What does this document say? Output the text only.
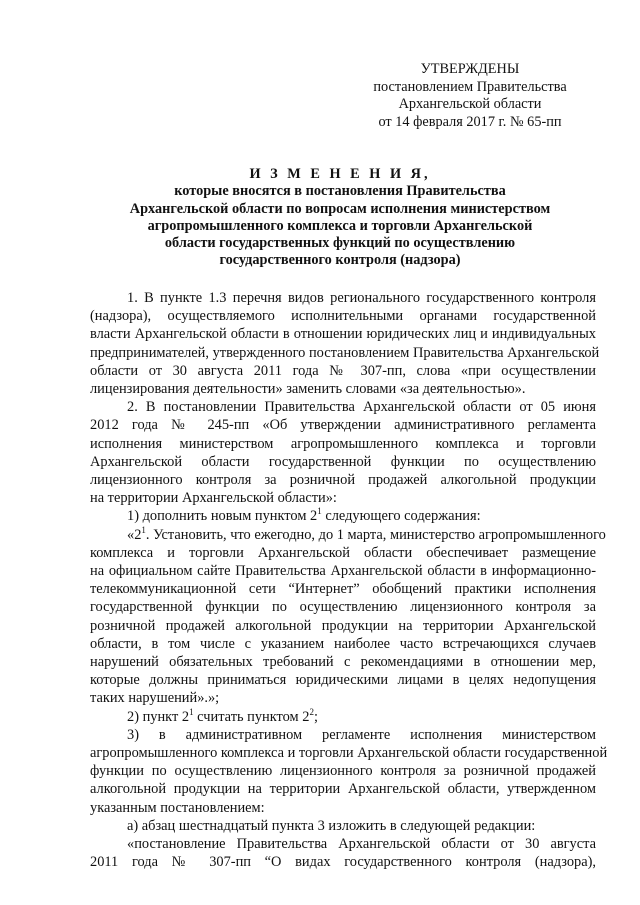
УТВЕРЖДЕНЫ
постановлением Правительства
Архангельской области
от 14 февраля 2017 г. № 65-пп
И З М Е Н Е Н И Я,
которые вносятся в постановления Правительства
Архангельской области по вопросам исполнения министерством
агропромышленного комплекса и торговли Архангельской
области государственных функций по осуществлению
государственного контроля (надзора)
1. В пункте 1.3 перечня видов регионального государственного контроля
(надзора), осуществляемого исполнительными органами государственной
власти Архангельской области в отношении юридических лиц и индивидуальных
предпринимателей, утвержденного постановлением Правительства Архангельской
области от 30 августа 2011 года № 307-пп, слова «при осуществлении
лицензирования деятельности» заменить словами «за деятельностью».
2. В постановлении Правительства Архангельской области от 05 июня
2012 года № 245-пп «Об утверждении административного регламента
исполнения министерством агропромышленного комплекса и торговли
Архангельской области государственной функции по осуществлению
лицензионного контроля за розничной продажей алкогольной продукции
на территории Архангельской области»:
1) дополнить новым пунктом $2^1$ следующего содержания:
«$2^1$. Установить, что ежегодно, до 1 марта, министерство агропромышленного
комплекса и торговли Архангельской области обеспечивает размещение
на официальном сайте Правительства Архангельской области в информационно-
телекоммуникационной сети “Интернет” обобщений практики исполнения
государственной функции по осуществлению лицензионного контроля за
розничной продажей алкогольной продукции на территории Архангельской
области, в том числе с указанием наиболее часто встречающихся случаев
нарушений обязательных требований с рекомендациями в отношении мер,
которые должны приниматься юридическими лицами в целях недопущения
таких нарушений».»;
2) пункт $2^1$ считать пунктом $2^2$;
3) в административном регламенте исполнения министерством
агропромышленного комплекса и торговли Архангельской области государственной
функции по осуществлению лицензионного контроля за розничной продажей
алкогольной продукции на территории Архангельской области, утвержденном
указанным постановлением:
а) абзац шестнадцатый пункта 3 изложить в следующей редакции:
«постановление Правительства Архангельской области от 30 августа
2011 года № 307-пп “О видах государственного контроля (надзора),
